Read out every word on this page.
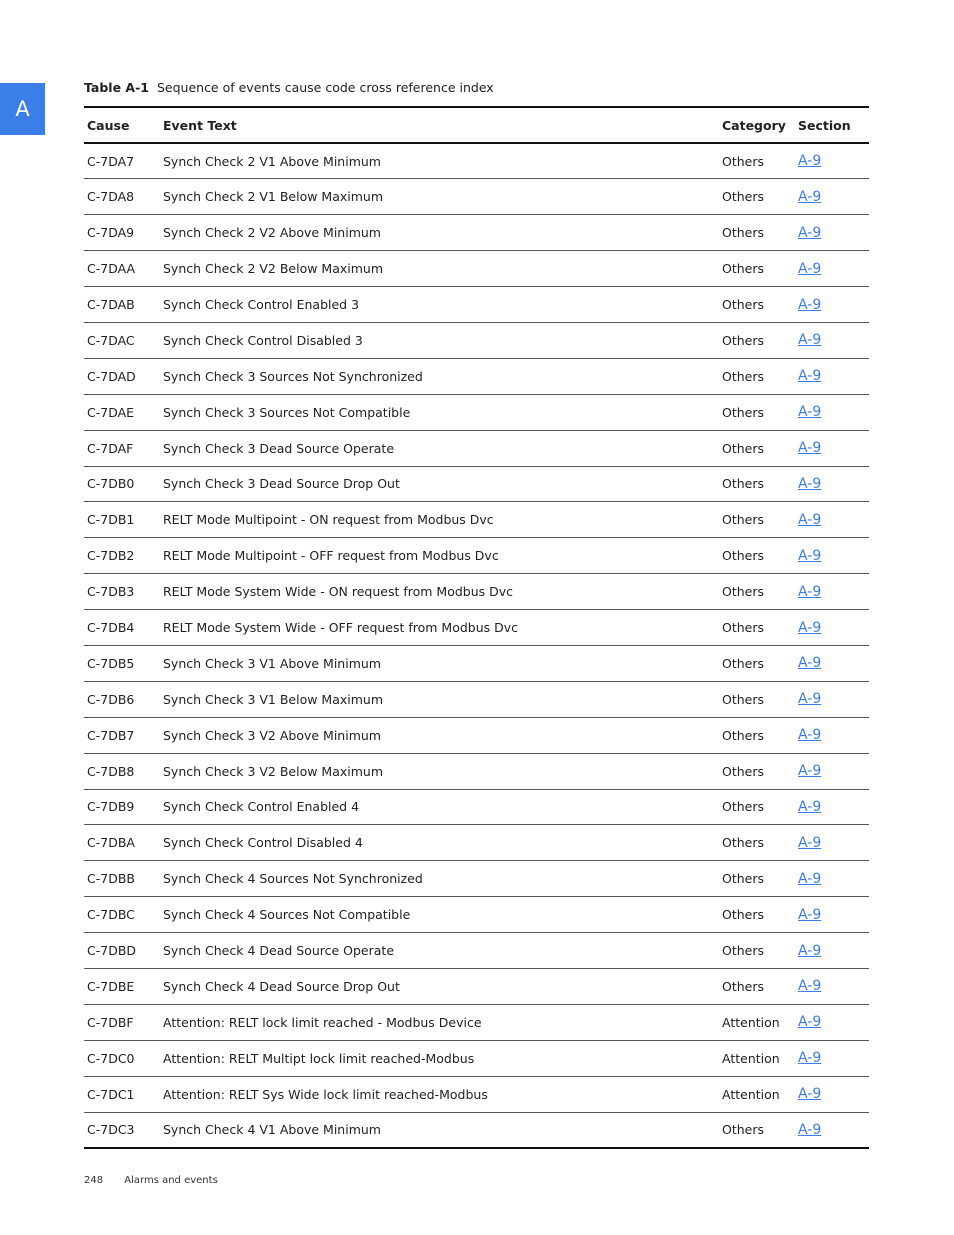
A
Table A-1 Sequence of events cause code cross reference index
Cause	Event Text	Category	Section
C-7DA7	Synch Check 2 V1 Above Minimum	Others	A-9
C-7DA8	Synch Check 2 V1 Below Maximum	Others	A-9
C-7DA9	Synch Check 2 V2 Above Minimum	Others	A-9
C-7DAA	Synch Check 2 V2 Below Maximum	Others	A-9
C-7DAB	Synch Check Control Enabled 3	Others	A-9
C-7DAC	Synch Check Control Disabled 3	Others	A-9
C-7DAD	Synch Check 3 Sources Not Synchronized	Others	A-9
C-7DAE	Synch Check 3 Sources Not Compatible	Others	A-9
C-7DAF	Synch Check 3 Dead Source Operate	Others	A-9
C-7DB0	Synch Check 3 Dead Source Drop Out	Others	A-9
C-7DB1	RELT Mode Multipoint - ON request from Modbus Dvc	Others	A-9
C-7DB2	RELT Mode Multipoint - OFF request from Modbus Dvc	Others	A-9
C-7DB3	RELT Mode System Wide - ON request from Modbus Dvc	Others	A-9
C-7DB4	RELT Mode System Wide - OFF request from Modbus Dvc	Others	A-9
C-7DB5	Synch Check 3 V1 Above Minimum	Others	A-9
C-7DB6	Synch Check 3 V1 Below Maximum	Others	A-9
C-7DB7	Synch Check 3 V2 Above Minimum	Others	A-9
C-7DB8	Synch Check 3 V2 Below Maximum	Others	A-9
C-7DB9	Synch Check Control Enabled 4	Others	A-9
C-7DBA	Synch Check Control Disabled 4	Others	A-9
C-7DBB	Synch Check 4 Sources Not Synchronized	Others	A-9
C-7DBC	Synch Check 4 Sources Not Compatible	Others	A-9
C-7DBD	Synch Check 4 Dead Source Operate	Others	A-9
C-7DBE	Synch Check 4 Dead Source Drop Out	Others	A-9
C-7DBF	Attention: RELT lock limit reached - Modbus Device	Attention	A-9
C-7DC0	Attention: RELT Multipt lock limit reached-Modbus	Attention	A-9
C-7DC1	Attention: RELT Sys Wide lock limit reached-Modbus	Attention	A-9
C-7DC3	Synch Check 4 V1 Above Minimum	Others	A-9
248 Alarms and events
